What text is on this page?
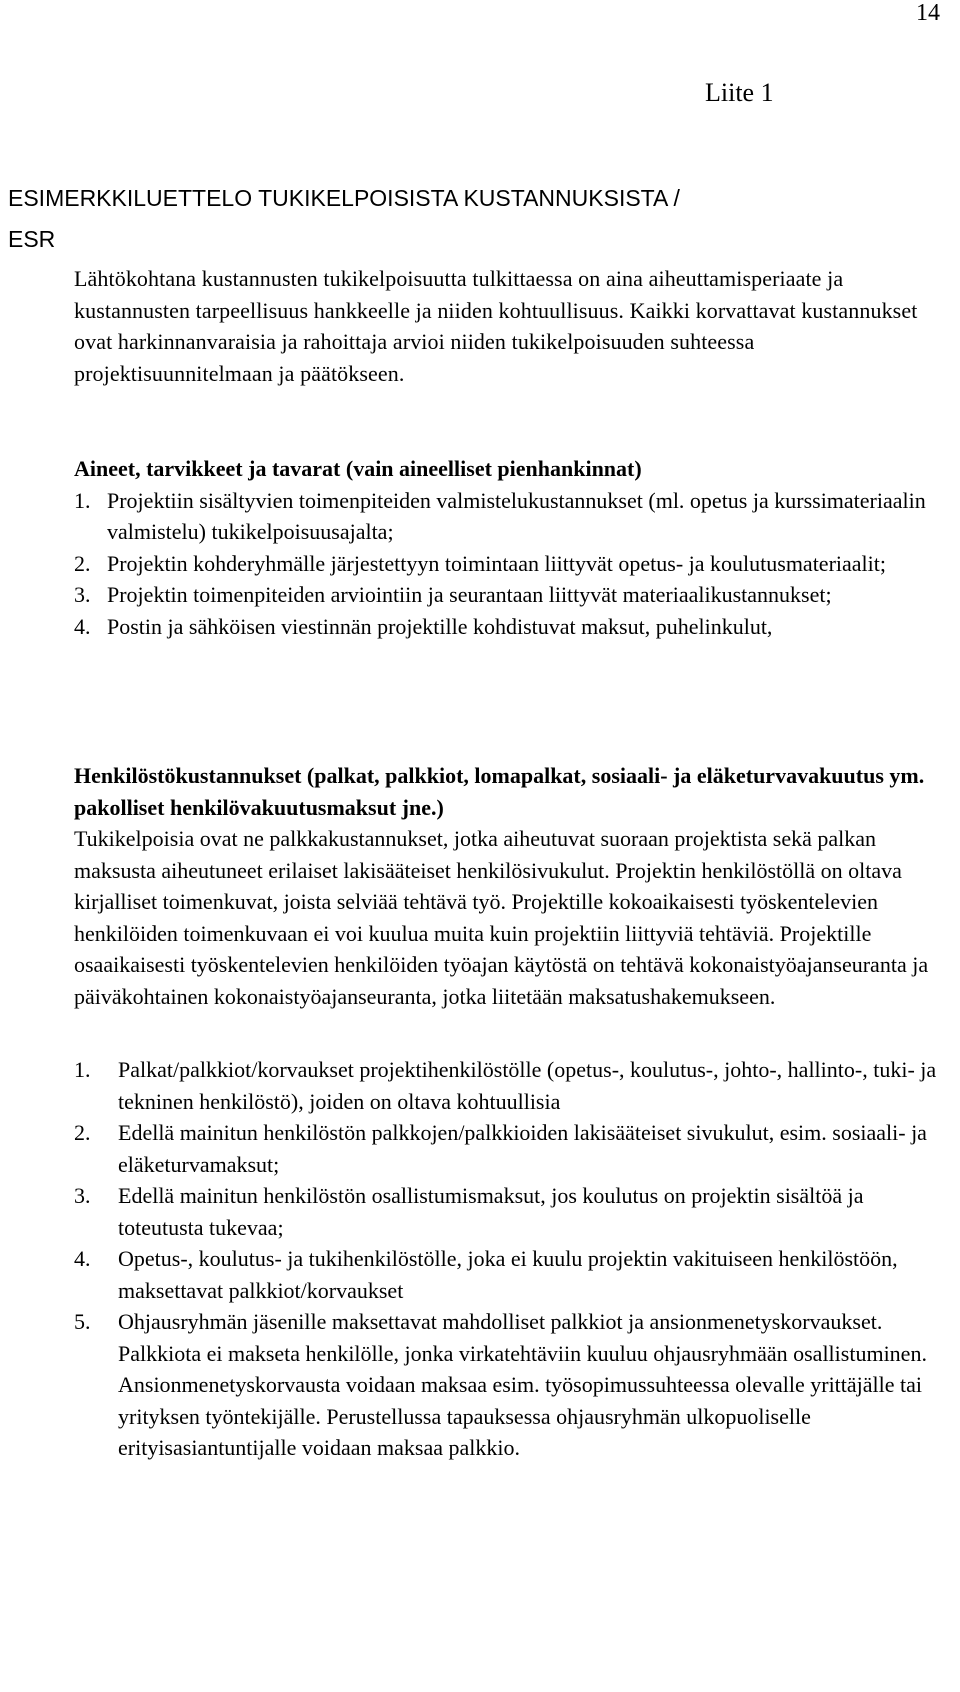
14
Liite 1
ESIMERKKILUETTELO TUKIKELPOISISTA KUSTANNUKSISTA /
ESR

Lähtökohtana kustannusten tukikelpoisuutta tulkittaessa on aina aiheuttamisperiaate ja kustannusten tarpeellisuus hankkeelle ja niiden kohtuullisuus. Kaikki korvattavat kustannukset ovat harkinnanvaraisia ja rahoittaja arvioi niiden tukikelpoisuuden suhteessa projektisuunnitelmaan ja päätökseen.

Aineet, tarvikkeet ja tavarat (vain aineelliset pienhankinnat)

1. Projektiin sisältyvien toimenpiteiden valmistelukustannukset (ml. opetus ja kurssimateriaalin valmistelu) tukikelpoisuusajalta;
2. Projektin kohderyhmälle järjestettyyn toimintaan liittyvät opetus- ja koulutusmateriaalit;
3. Projektin toimenpiteiden arviointiin ja seurantaan liittyvät materiaalikustannukset;
4. Postin ja sähköisen viestinnän projektille kohdistuvat maksut, puhelinkulut,

Henkilöstökustannukset (palkat, palkkiot, lomapalkat, sosiaali- ja eläketurvavakuutus ym. pakolliset henkilövakuutusmaksut jne.)

Tukikelpoisia ovat ne palkkakustannukset, jotka aiheutuvat suoraan projektista sekä palkan maksusta aiheutuneet erilaiset lakisääteiset henkilösivukulut. Projektin henkilöstöllä on oltava kirjalliset toimenkuvat, joista selviää tehtävä työ. Projektille kokoaikaisesti työskentelevien henkilöiden toimenkuvaan ei voi kuulua muita kuin projektiin liittyviä tehtäviä. Projektille osaaikaisesti työskentelevien henkilöiden työajan käytöstä on tehtävä kokonaistyöajanseuranta ja päiväkohtainen kokonaistyöajanseuranta, jotka liitetään maksatushakemukseen.

1. Palkat/palkkiot/korvaukset projektihenkilöstölle (opetus-, koulutus-, johto-, hallinto-, tuki- ja tekninen henkilöstö), joiden on oltava kohtuullisia
2. Edellä mainitun henkilöstön palkkojen/palkkioiden lakisääteiset sivukulut, esim. sosiaali- ja eläketurvamaksut;
3. Edellä mainitun henkilöstön osallistumismaksut, jos koulutus on projektin sisältöä ja toteutusta tukevaa;
4. Opetus-, koulutus- ja tukihenkilöstölle, joka ei kuulu projektin vakituiseen henkilöstöön, maksettavat palkkiot/korvaukset
5. Ohjausryhmän jäsenille maksettavat mahdolliset palkkiot ja ansionmenetyskorvaukset. Palkkiota ei makseta henkilölle, jonka virkatehtäviin kuuluu ohjausryhmään osallistuminen. Ansionmenetyskorvausta voidaan maksaa esim. työsopimussuhteessa olevalle yrittäjälle tai yrityksen työntekijälle. Perustellussa tapauksessa ohjausryhmän ulkopuoliselle erityisasiantuntijalle voidaan maksaa palkkio.
